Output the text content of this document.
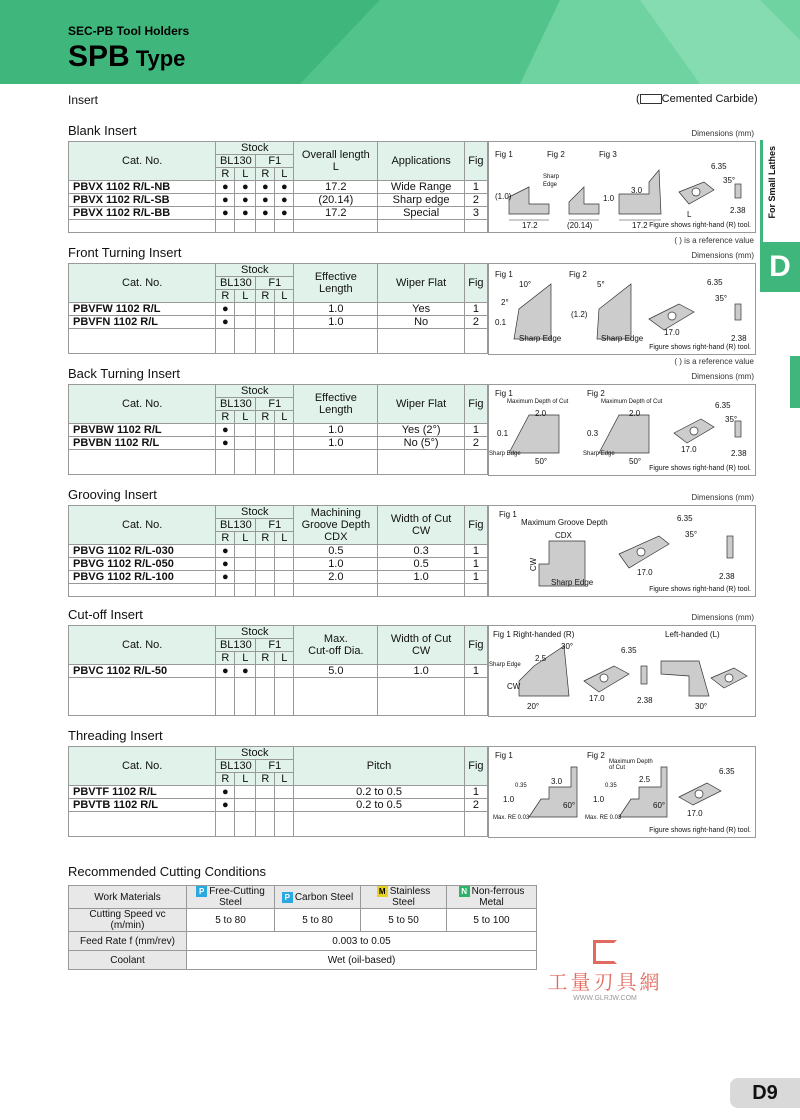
SEC-PB Tool Holders
SPB Type
Insert	( Cemented Carbide)
For Small Lathes
D
Blank Insert	Dimensions (mm)
Cat. No.	Stock				Overall length
L	Applications	Fig
	BL130		F1				
	R	L	R	L			
PBVX 1102 R/L-NB	●	●	●	●	17.2	Wide Range	1
PBVX 1102 R/L-SB	●	●	●	●	(20.14)	Sharp edge	2
PBVX 1102 R/L-BB	●	●	●	●	17.2	Special	3

Fig 1	Fig 2	Fig 3
Sharp
Edge
17.2	(20.14)	17.2
3.0
6.35
35°
2.38
(1.0)	1.0
L
Figure shows right-hand (R) tool.
( ) is a reference value
Front Turning Insert	Dimensions (mm)
Cat. No.	Stock				Effective
Length	Wiper Flat	Fig
	BL130		F1				
	R	L	R	L			
PBVFW 1102 R/L	●				1.0	Yes	1
PBVFN 1102 R/L	●				1.0	No	2

Fig 1	Fig 2
10°
2°
0.1
5°
(1.2)
Sharp Edge	Sharp Edge
17.0
6.35
35°
2.38
Figure shows right-hand (R) tool.
( ) is a reference value
Back Turning Insert	Dimensions (mm)
Cat. No.	Stock				Effective
Length	Wiper Flat	Fig
	BL130		F1				
	R	L	R	L			
PBVBW 1102 R/L	●				1.0	Yes (2°)	1
PBVBN 1102 R/L	●				1.0	No (5°)	2

Fig 1	Fig 2
Maximum Depth of Cut	Maximum Depth of Cut
2.0	2.0
50°	50°
0.1	0.3
Sharp Edge	Sharp Edge	17.0
6.35
35°
2.38
Figure shows right-hand (R) tool.
Grooving Insert	Dimensions (mm)
Cat. No.	Stock				Machining
Groove Depth
CDX	Width of Cut
CW	Fig
	BL130		F1				
	R	L	R	L			
PBVG 1102 R/L-030	●				0.5	0.3	1
PBVG 1102 R/L-050	●				1.0	0.5	1
PBVG 1102 R/L-100	●				2.0	1.0	1

Fig 1
Maximum Groove Depth
CDX
CW
Sharp Edge
17.0
6.35
35°
2.38
Figure shows right-hand (R) tool.
Cut-off Insert	Dimensions (mm)
Cat. No.	Stock				Max.
Cut-off Dia.	Width of Cut
CW	Fig
	BL130		F1				
	R	L	R	L			
PBVC 1102 R/L-50	●	●			5.0	1.0	1

Fig 1 Right-handed (R)	Left-handed (L)
Sharp Edge
2.5
30°
20°
CW
17.0
6.35
2.38
30°
Threading Insert
Cat. No.	Stock				Pitch	Fig
	BL130		F1			
	R	L	R	L		
PBVTF 1102 R/L	●				0.2 to 0.5	1
PBVTB 1102 R/L	●				0.2 to 0.5	2

Fig 1	Fig 2
Maximum Depth of Cut
3.0
60°	60°
1.0	1.0
0.35	0.35
2.5
Max. RE 0.03	Max. RE 0.03	17.0
6.35
Figure shows right-hand (R) tool.
Recommended Cutting Conditions
Work Materials	P Free-Cutting Steel	P Carbon Steel	M Stainless Steel	N Non-ferrous Metal
Cutting Speed vc (m/min)	5 to 80	5 to 80	5 to 50	5 to 100
Feed Rate f (mm/rev)	0.003 to 0.05			
Coolant	Wet (oil-based)			
工量刃具網
WWW.GLRJW.COM
D9
